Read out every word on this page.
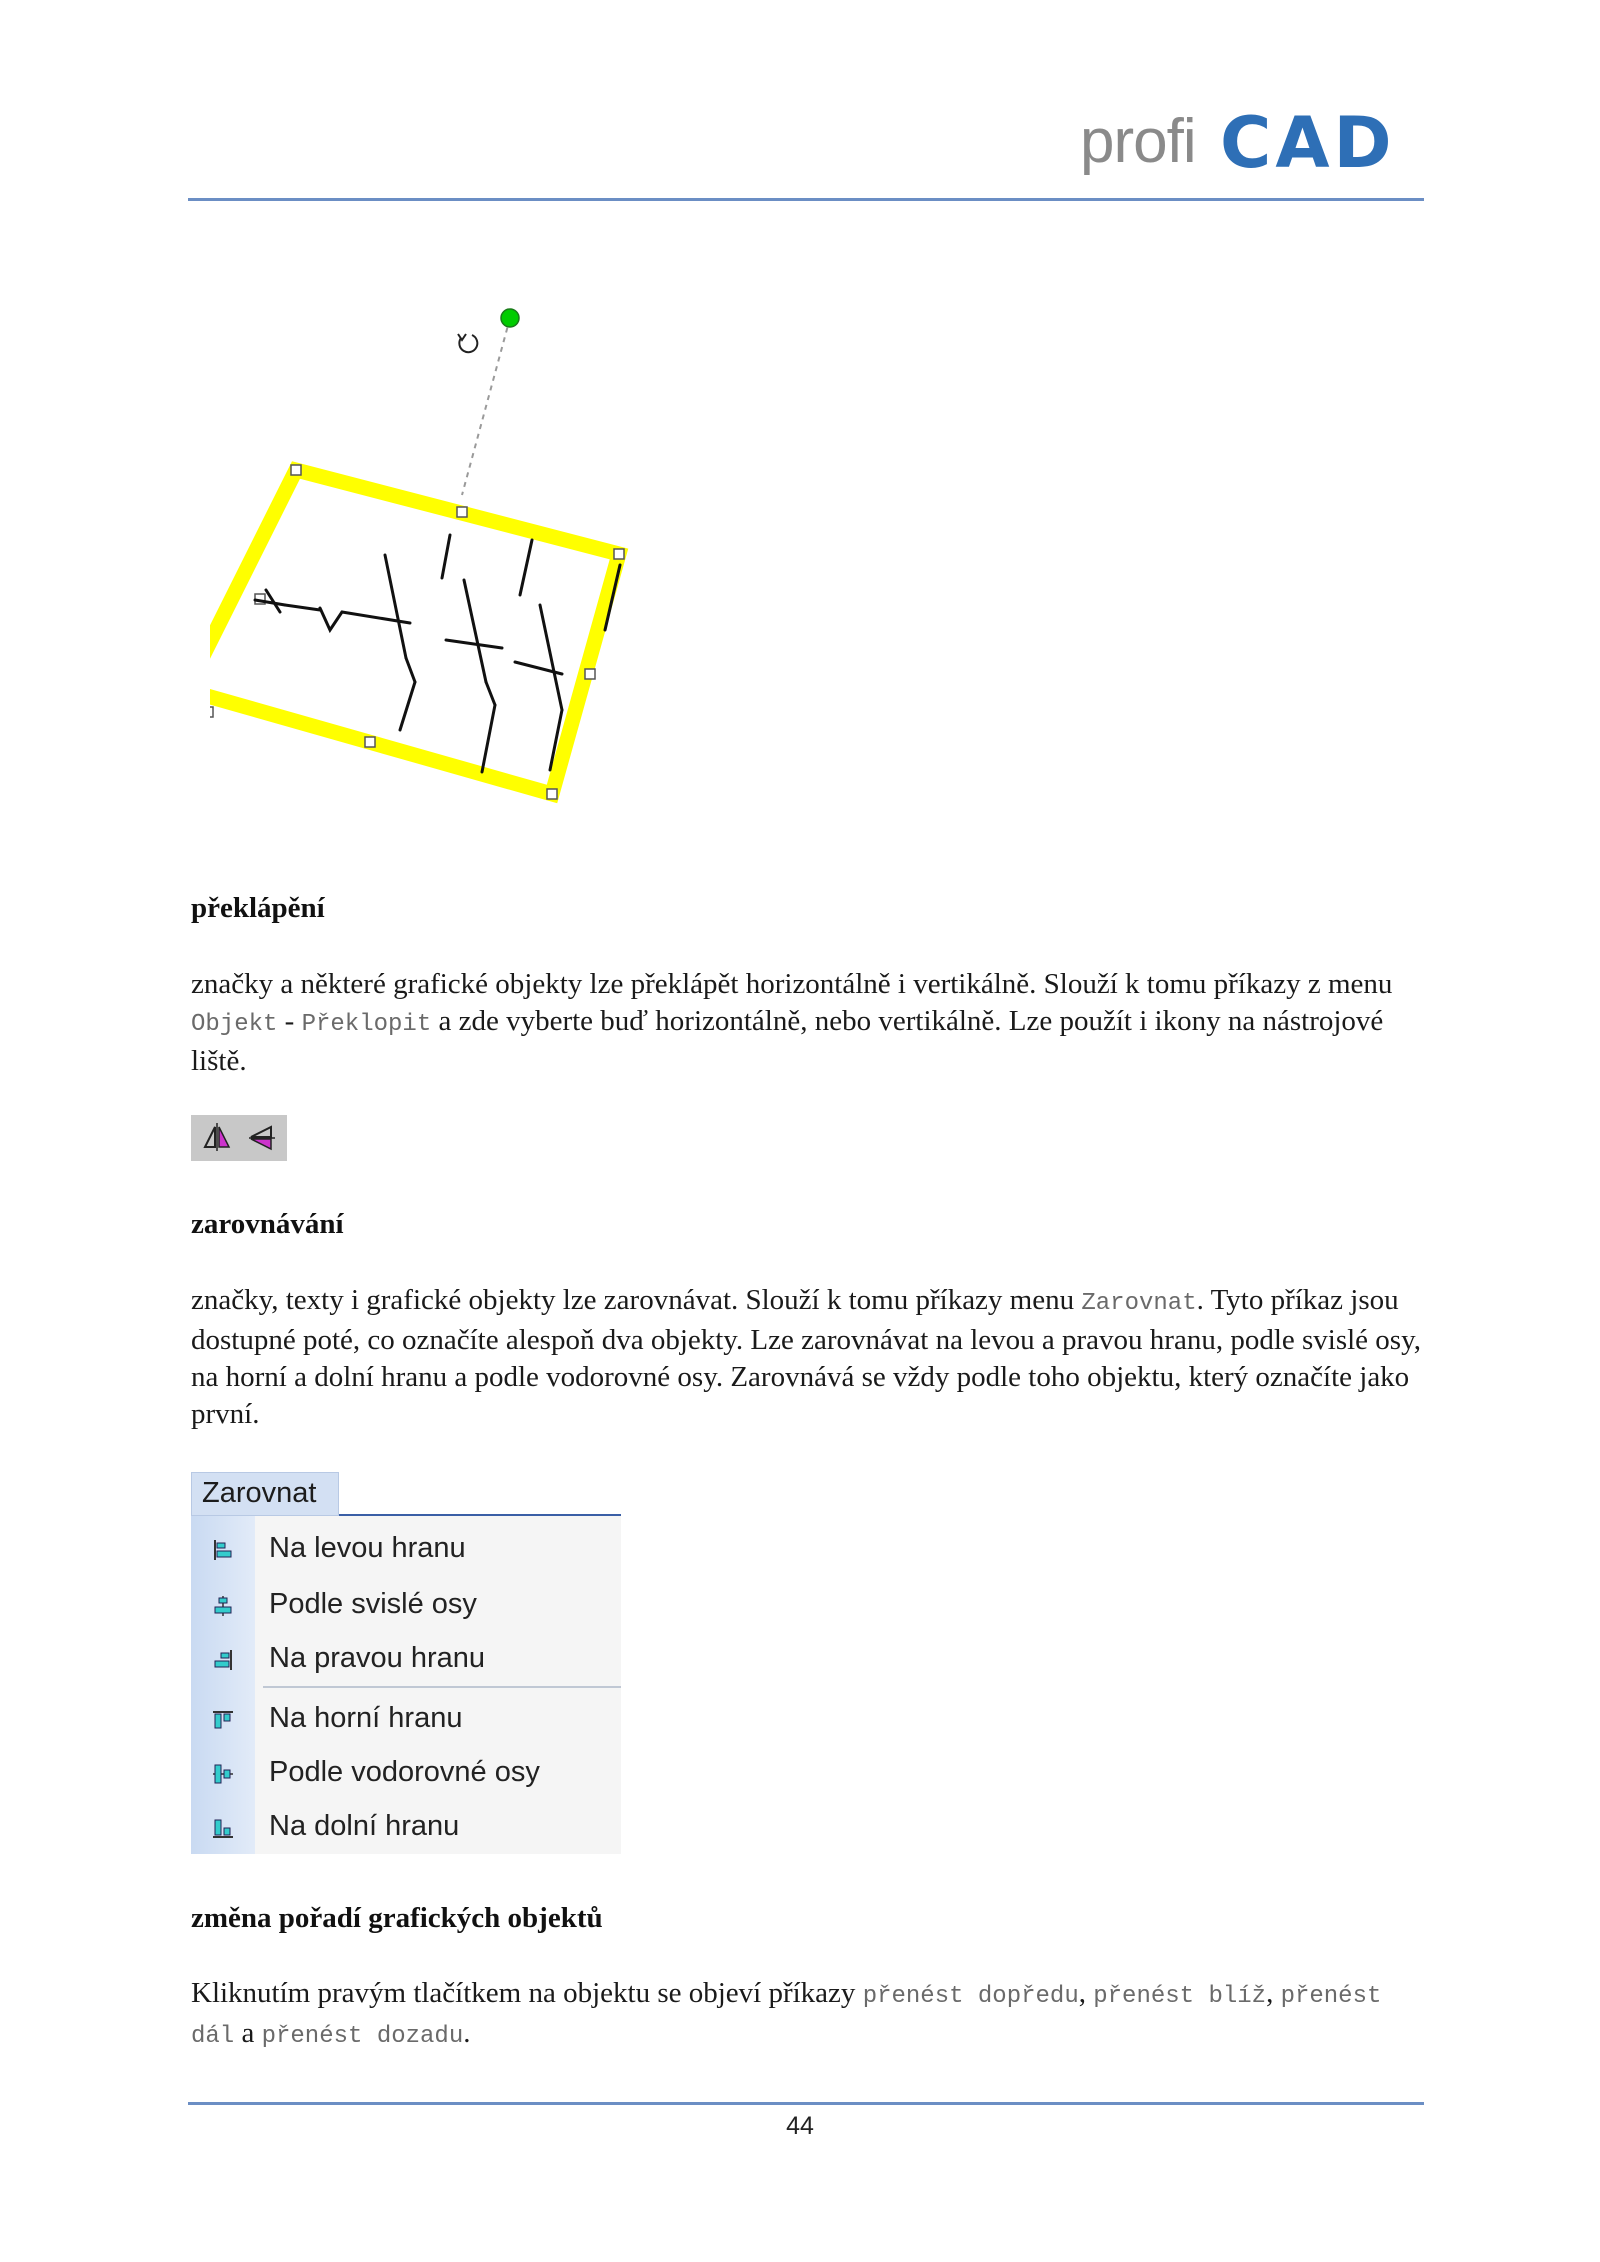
profi CAD
překlápění

značky a některé grafické objekty lze překlápět horizontálně i vertikálně. Slouží k tomu příkazy z menu Objekt - Překlopit a zde vyberte buď horizontálně, nebo vertikálně. Lze použít i ikony na nástrojové liště.

zarovnávání

značky, texty i grafické objekty lze zarovnávat. Slouží k tomu příkazy menu Zarovnat. Tyto příkaz jsou dostupné poté, co označíte alespoň dva objekty. Lze zarovnávat na levou a pravou hranu, podle svislé osy, na horní a dolní hranu a podle vodorovné osy. Zarovnává se vždy podle toho objektu, který označíte jako první.

Zarovnat
Na levou hranu
Podle svislé osy
Na pravou hranu
Na horní hranu
Podle vodorovné osy
Na dolní hranu
změna pořadí grafických objektů

Kliknutím pravým tlačítkem na objektu se objeví příkazy přenést dopředu, přenést blíž, přenést dál a přenést dozadu.

44
